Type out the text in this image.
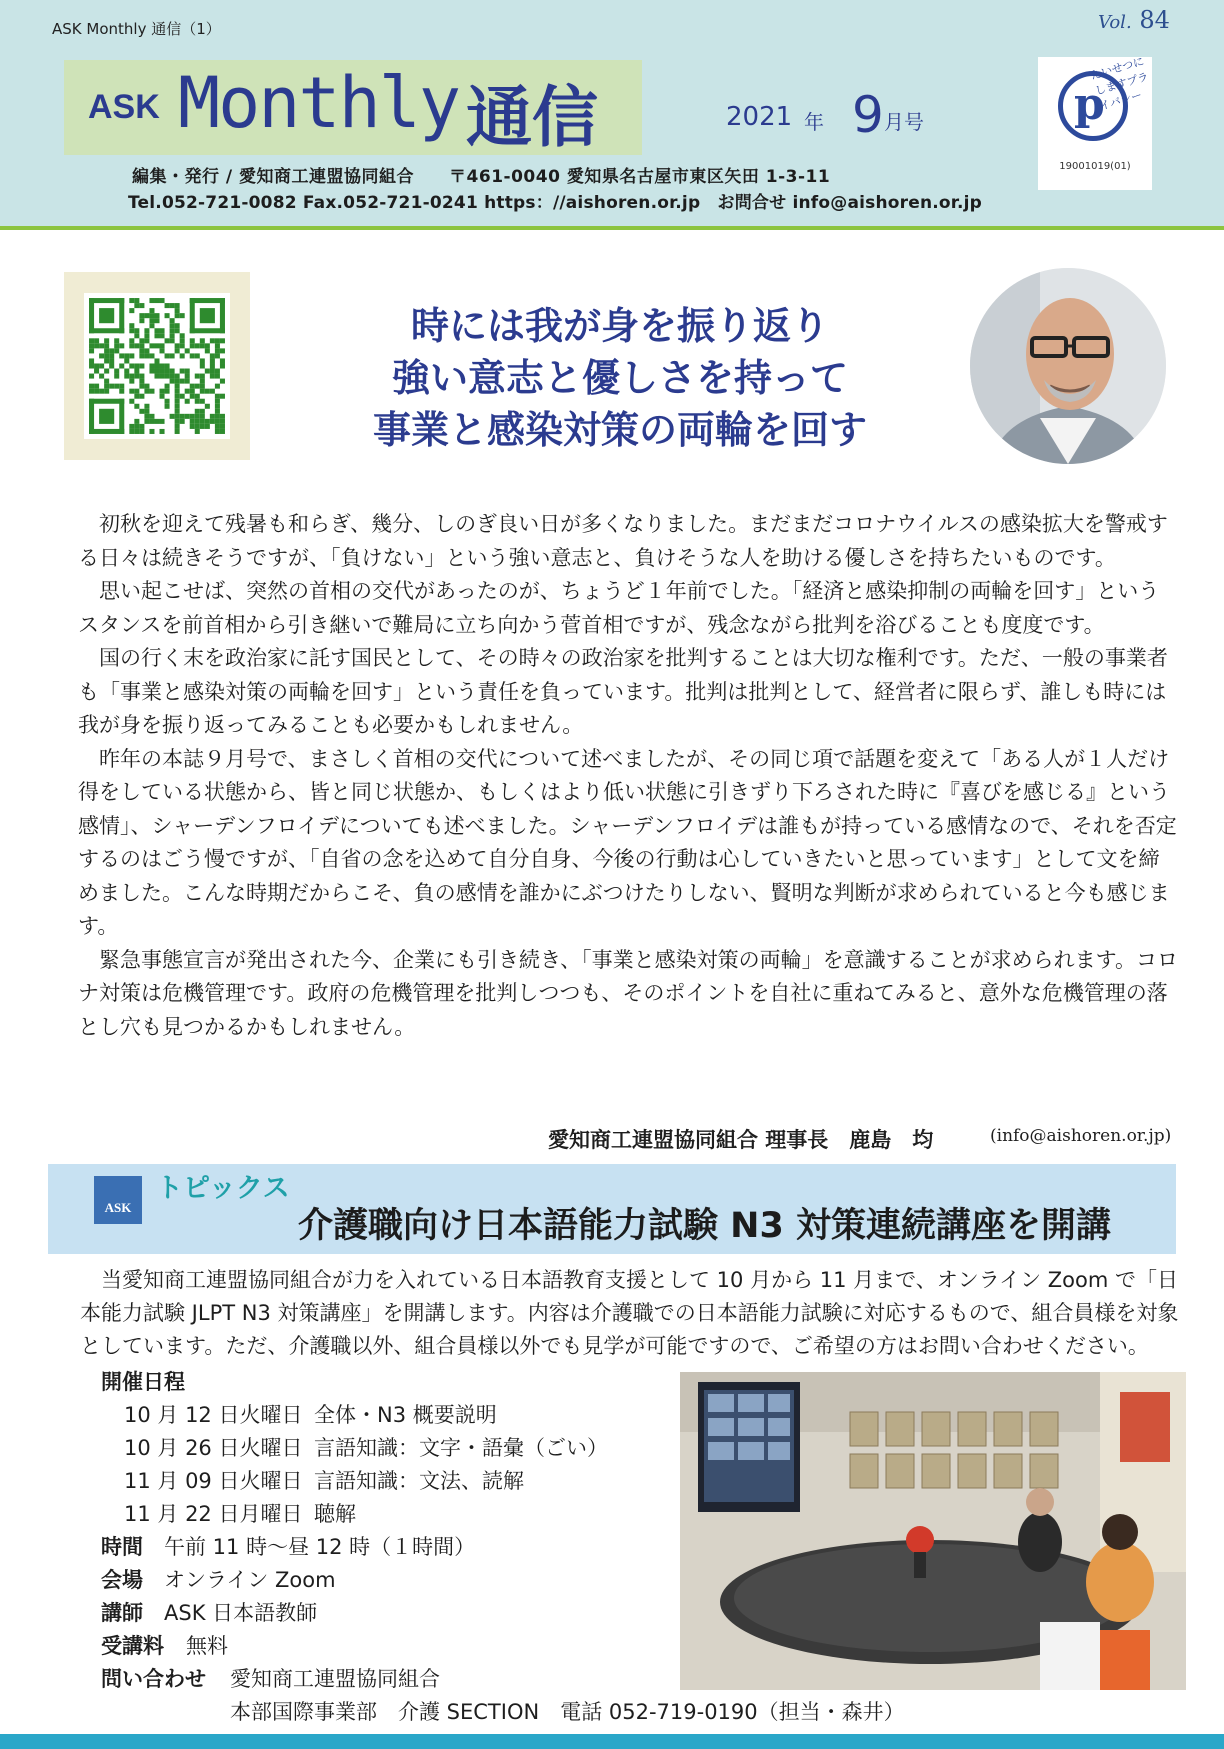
ASK Monthly 通信（1）	Vol. 84
ASK Monthly 通信	2021 年 9 月号	p
たいせつにしますプライバシー
19001019(01)
編集・発行 / 愛知商工連盟協同組合　　〒461-0040 愛知県名古屋市東区矢田 1-3-11
Tel.052-721-0082 Fax.052-721-0241 https：//aishoren.or.jp　お問合せ info@aishoren.or.jp
時には我が身を振り返り
強い意志と優しさを持って
事業と感染対策の両輪を回す

初秋を迎えて残暑も和らぎ、幾分、しのぎ良い日が多くなりました。まだまだコロナウイルスの感染拡大を警戒する日々は続きそうですが、「負けない」という強い意志と、負けそうな人を助ける優しさを持ちたいものです。

思い起こせば、突然の首相の交代があったのが、ちょうど１年前でした。「経済と感染抑制の両輪を回す」というスタンスを前首相から引き継いで難局に立ち向かう菅首相ですが、残念ながら批判を浴びることも度度です。

国の行く末を政治家に託す国民として、その時々の政治家を批判することは大切な権利です。ただ、一般の事業者も「事業と感染対策の両輪を回す」という責任を負っています。批判は批判として、経営者に限らず、誰しも時には我が身を振り返ってみることも必要かもしれません。

昨年の本誌９月号で、まさしく首相の交代について述べましたが、その同じ項で話題を変えて「ある人が１人だけ得をしている状態から、皆と同じ状態か、もしくはより低い状態に引きずり下ろされた時に『喜びを感じる』という感情」、シャーデンフロイデについても述べました。シャーデンフロイデは誰もが持っている感情なので、それを否定するのはごう慢ですが、「自省の念を込めて自分自身、今後の行動は心していきたいと思っています」として文を締めました。こんな時期だからこそ、負の感情を誰かにぶつけたりしない、賢明な判断が求められていると今も感じます。

緊急事態宣言が発出された今、企業にも引き続き、「事業と感染対策の両輪」を意識することが求められます。コロナ対策は危機管理です。政府の危機管理を批判しつつも、そのポイントを自社に重ねてみると、意外な危機管理の落とし穴も見つかるかもしれません。

愛知商工連盟協同組合 理事長　鹿島　均	(info@aishoren.or.jp)
ASK
トピックス
介護職向け日本語能力試験 N3 対策連続講座を開講

当愛知商工連盟協同組合が力を入れている日本語教育支援として 10 月から 11 月まで、オンライン Zoom で「日本能力試験 JLPT N3 対策講座」を開講します。内容は介護職での日本語能力試験に対応するもので、組合員様を対象としています。ただ、介護職以外、組合員様以外でも見学が可能ですので、ご希望の方はお問い合わせください。

開催日程
10 月 12 日火曜日 全体・N3 概要説明
10 月 26 日火曜日 言語知識：文字・語彙（ごい）
11 月 09 日火曜日 言語知識：文法、読解
11 月 22 日月曜日 聴解
時間 午前 11 時～昼 12 時（１時間）
会場 オンライン Zoom
講師 ASK 日本語教師
受講料 無料
問い合わせ 愛知商工連盟協同組合
本部国際事業部　介護 SECTION　電話 052-719-0190（担当・森井）
